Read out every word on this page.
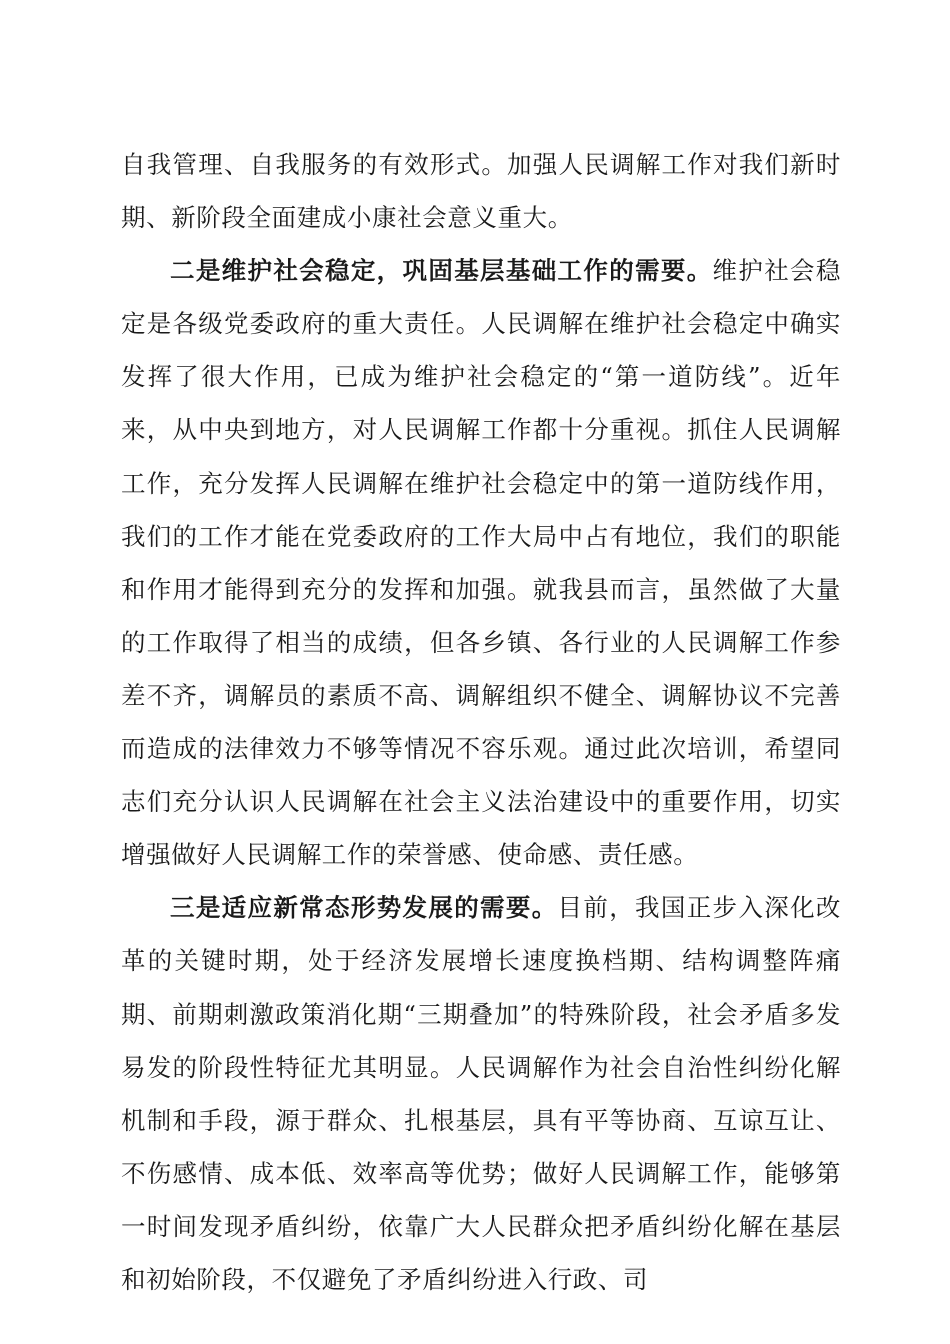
自我管理、自我服务的有效形式。加强人民调解工作对我们新时期、新阶段全面建成小康社会意义重大。

二是维护社会稳定，巩固基层基础工作的需要。维护社会稳定是各级党委政府的重大责任。人民调解在维护社会稳定中确实发挥了很大作用，已成为维护社会稳定的“第一道防线”。近年来，从中央到地方，对人民调解工作都十分重视。抓住人民调解工作，充分发挥人民调解在维护社会稳定中的第一道防线作用，我们的工作才能在党委政府的工作大局中占有地位，我们的职能和作用才能得到充分的发挥和加强。就我县而言，虽然做了大量的工作取得了相当的成绩，但各乡镇、各行业的人民调解工作参差不齐，调解员的素质不高、调解组织不健全、调解协议不完善而造成的法律效力不够等情况不容乐观。通过此次培训，希望同志们充分认识人民调解在社会主义法治建设中的重要作用，切实增强做好人民调解工作的荣誉感、使命感、责任感。

三是适应新常态形势发展的需要。目前，我国正步入深化改革的关键时期，处于经济发展增长速度换档期、结构调整阵痛期、前期刺激政策消化期“三期叠加”的特殊阶段，社会矛盾多发易发的阶段性特征尤其明显。人民调解作为社会自治性纠纷化解机制和手段，源于群众、扎根基层，具有平等协商、互谅互让、不伤感情、成本低、效率高等优势；做好人民调解工作，能够第一时间发现矛盾纠纷，依靠广大人民群众把矛盾纠纷化解在基层和初始阶段，不仅避免了矛盾纠纷进入行政、司
